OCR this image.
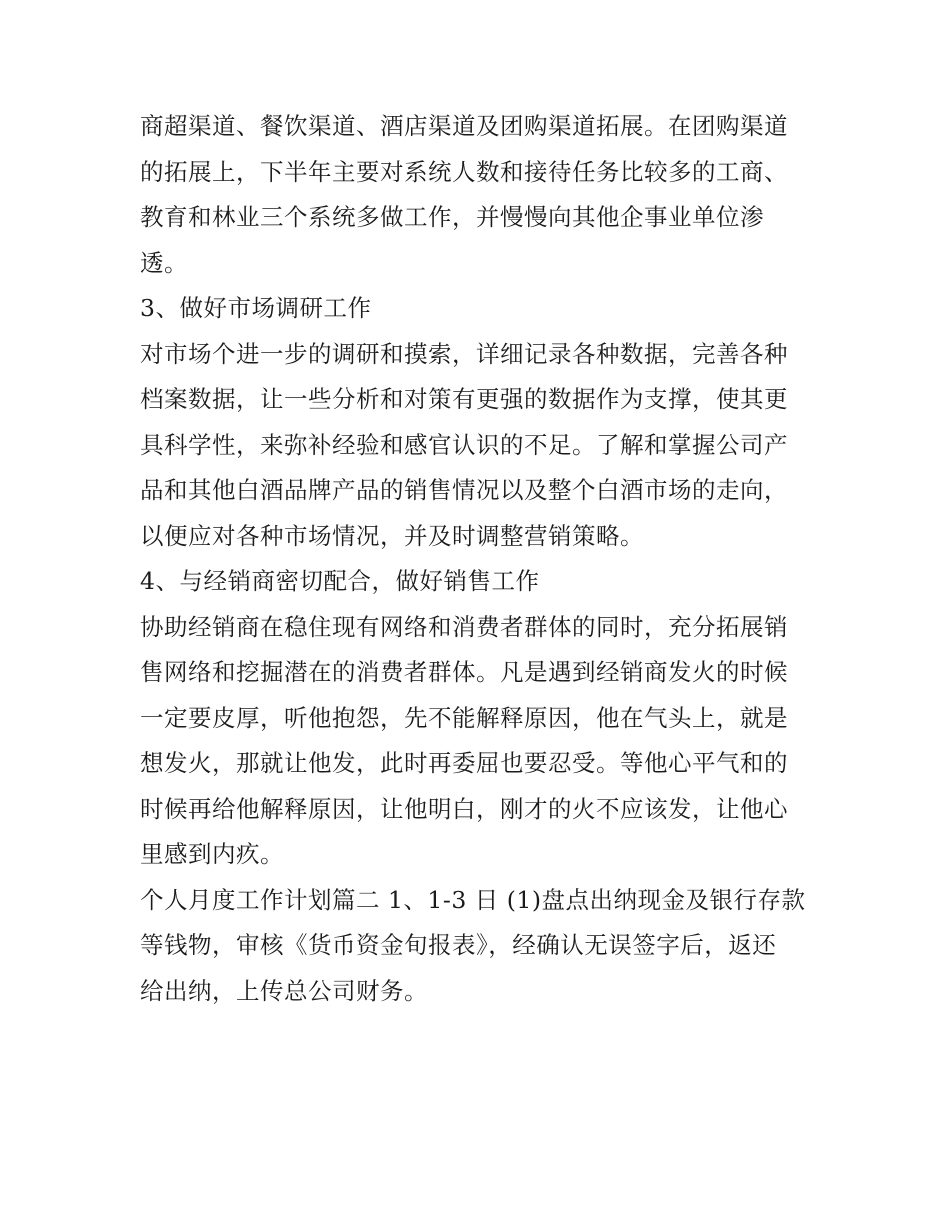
商超渠道、餐饮渠道、酒店渠道及团购渠道拓展。在团购渠道
的拓展上，下半年主要对系统人数和接待任务比较多的工商、
教育和林业三个系统多做工作，并慢慢向其他企事业单位渗
透。
3、做好市场调研工作
对市场个进一步的调研和摸索，详细记录各种数据，完善各种
档案数据，让一些分析和对策有更强的数据作为支撑，使其更
具科学性，来弥补经验和感官认识的不足。了解和掌握公司产
品和其他白酒品牌产品的销售情况以及整个白酒市场的走向，
以便应对各种市场情况，并及时调整营销策略。
4、与经销商密切配合，做好销售工作
协助经销商在稳住现有网络和消费者群体的同时，充分拓展销
售网络和挖掘潜在的消费者群体。凡是遇到经销商发火的时候
一定要皮厚，听他抱怨，先不能解释原因，他在气头上，就是
想发火，那就让他发，此时再委屈也要忍受。等他心平气和的
时候再给他解释原因，让他明白，刚才的火不应该发，让他心
里感到内疚。
个人月度工作计划篇二 1、1-3 日 (1)盘点出纳现金及银行存款
等钱物，审核《货币资金旬报表》，经确认无误签字后，返还
给出纳，上传总公司财务。
